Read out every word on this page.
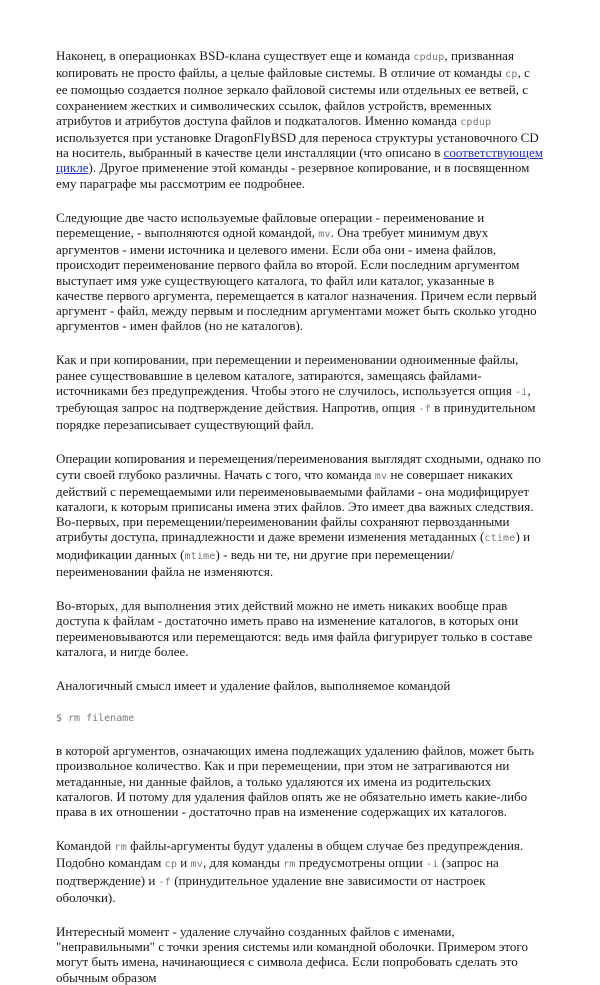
Наконец, в операционках BSD-клана существует еще и команда cpdup, призванная копировать не просто файлы, а целые файловые системы. В отличие от команды cp, с ее помощью создается полное зеркало файловой системы или отдельных ее ветвей, с сохранением жестких и символических ссылок, файлов устройств, временных атрибутов и атрибутов доступа файлов и подкаталогов. Именно команда cpdup используется при установке DragonFlyBSD для переноса структуры установочного CD на носитель, выбранный в качестве цели инсталляции (что описано в соответствующем цикле). Другое применение этой команды - резервное копирование, и в посвященном ему параграфе мы рассмотрим ее подробнее.

Следующие две часто используемые файловые операции - переименование и перемещение, - выполняются одной командой, mv. Она требует минимум двух аргументов - имени источника и целевого имени. Если оба они - имена файлов, происходит переименование первого файла во второй. Если последним аргументом выступает имя уже существующего каталога, то файл или каталог, указанные в качестве первого аргумента, перемещается в каталог назначения. Причем если первый аргумент - файл, между первым и последним аргументами может быть сколько угодно аргументов - имен файлов (но не каталогов).

Как и при копировании, при перемещении и переименовании одноименные файлы, ранее существовавшие в целевом каталоге, затираются, замещаясь файлами-источниками без предупреждения. Чтобы этого не случилось, используется опция -i, требующая запрос на подтверждение действия. Напротив, опция -f в принудительном порядке перезаписывает существующий файл.

Операции копирования и перемещения/переименования выглядят сходными, однако по сути своей глубоко различны. Начать с того, что команда mv не совершает никаких действий с перемещаемыми или переименовываемыми файлами - она модифицирует каталоги, к которым приписаны имена этих файлов. Это имеет два важных следствия. Во-первых, при перемещении/переименовании файлы сохраняют первозданными атрибуты доступа, принадлежности и даже времени изменения метаданных (ctime) и модификации данных (mtime) - ведь ни те, ни другие при перемещении/переименовании файла не изменяются.

Во-вторых, для выполнения этих действий можно не иметь никаких вообще прав доступа к файлам - достаточно иметь право на изменение каталогов, в которых они переименовываются или перемещаются: ведь имя файла фигурирует только в составе каталога, и нигде более.

Аналогичный смысл имеет и удаление файлов, выполняемое командой

$ rm filename

в которой аргументов, означающих имена подлежащих удалению файлов, может быть произвольное количество. Как и при перемещении, при этом не затрагиваются ни метаданные, ни данные файлов, а только удаляются их имена из родительских каталогов. И потому для удаления файлов опять же не обязательно иметь какие-либо права в их отношении - достаточно прав на изменение содержащих их каталогов.

Командой rm файлы-аргументы будут удалены в общем случае без предупреждения. Подобно командам cp и mv, для команды rm предусмотрены опции -i (запрос на подтверждение) и -f (принудительное удаление вне зависимости от настроек оболочки).

Интересный момент - удаление случайно созданных файлов с именами, "неправильными" с точки зрения системы или командной оболочки. Примером этого могут быть имена, начинающиеся с символа дефиса. Если попробовать сделать это обычным образом
